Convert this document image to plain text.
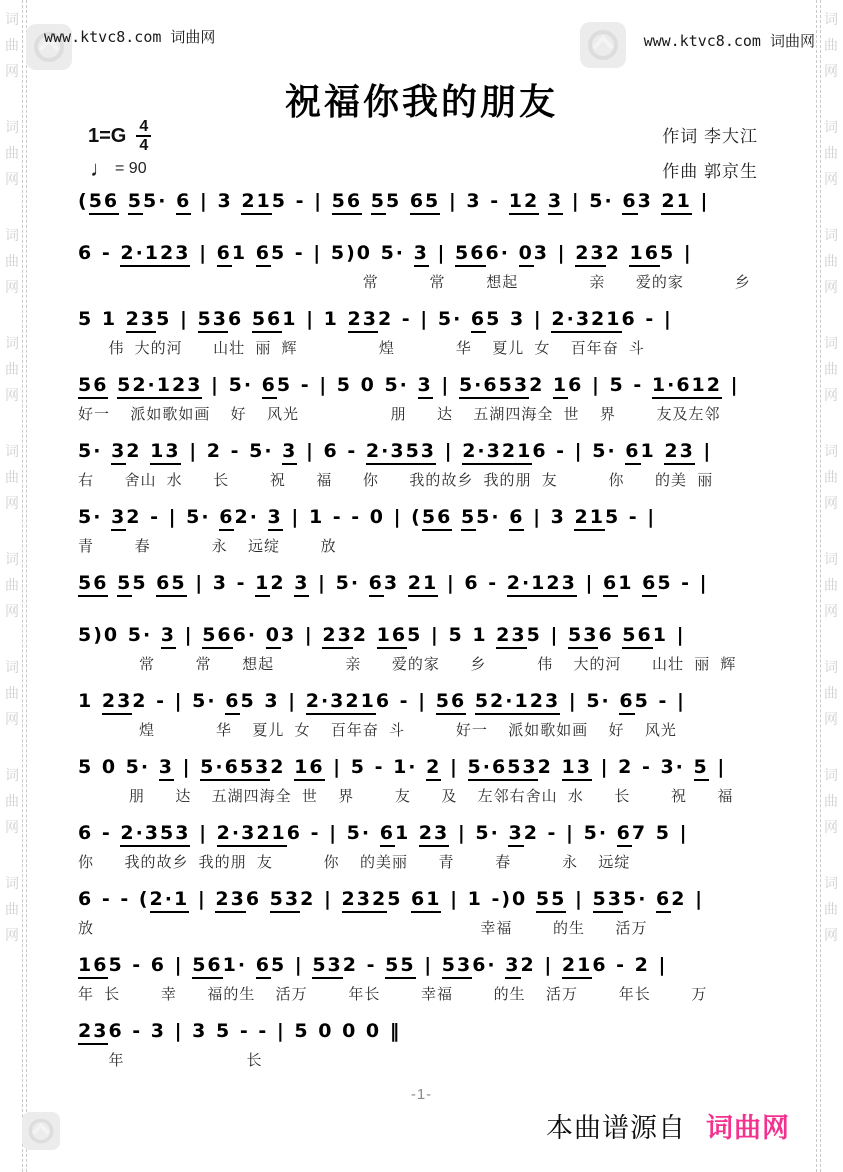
词
曲
网
词
曲
网
词
曲
网
词
曲
网
词
曲
网
词
曲
网
词
曲
网
词
曲
网
词
曲
网
词
曲
网
词
曲
网
词
曲
网
词
曲
网
词
曲
网
词
曲
网
词
曲
网
词
曲
网
词
曲
网
www.ktvc8.com 词曲网	www.ktvc8.com 词曲网
祝福你我的朋友
$1=G \frac{4}{4}$
♩ = 90
作词 李大江
作曲 郭京生
(56 55· 6 | 3 215 - | 56 55 65 | 3 - 12 3 | 5· 63 21 |
6 - 2·123 | 61 65 - | 5)0 5· 3 | 566· 03 | 232 165 |
常     常    想起       亲   爱的家     乡
5 1 235 | 536 561 | 1 232 - | 5· 65 3 | 2·3216 - |
伟 大的河   山壮 丽 辉        煌      华  夏儿 女  百年奋 斗
56 52·123 | 5· 65 - | 5 0 5· 3 | 5·6532 16 | 5 - 1·612 |
好一  派如歌如画  好  风光         朋   达  五湖四海全 世  界    友及左邻
5· 32 13 | 2 - 5· 3 | 6 - 2·353 | 2·3216 - | 5· 61 23 |
右   舍山 水   长    祝   福   你   我的故乡 我的朋 友     你   的美 丽
5· 32 - | 5· 62· 3 | 1 - - 0 | (56 55· 6 | 3 215 - |
青    春      永  远绽    放
56 55 65 | 3 - 12 3 | 5· 63 21 | 6 - 2·123 | 61 65 - |
5)0 5· 3 | 566· 03 | 232 165 | 5 1 235 | 536 561 |
常    常   想起       亲   爱的家   乡     伟  大的河   山壮 丽 辉
1 232 - | 5· 65 3 | 2·3216 - | 56 52·123 | 5· 65 - |
煌      华  夏儿 女  百年奋 斗     好一  派如歌如画  好  风光
5 0 5· 3 | 5·6532 16 | 5 - 1· 2 | 5·6532 13 | 2 - 3· 5 |
朋   达  五湖四海全 世  界    友   及  左邻右舍山 水   长    祝   福
6 - 2·353 | 2·3216 - | 5· 61 23 | 5· 32 - | 5· 67 5 |
你   我的故乡 我的朋 友     你  的美丽   青    春     永  远绽
6 - - (2·1 | 236 532 | 2325 61 | 1 -)0 55 | 535· 62 |
放                                      幸福    的生   活万
165 - 6 | 561· 65 | 532 - 55 | 536· 32 | 216 - 2 |
年 长    幸   福的生  活万    年长    幸福    的生  活万    年长    万
236 - 3 | 3 5 - - | 5 0 0 0 ‖
年            长
-1-
本曲谱源自 词曲网
